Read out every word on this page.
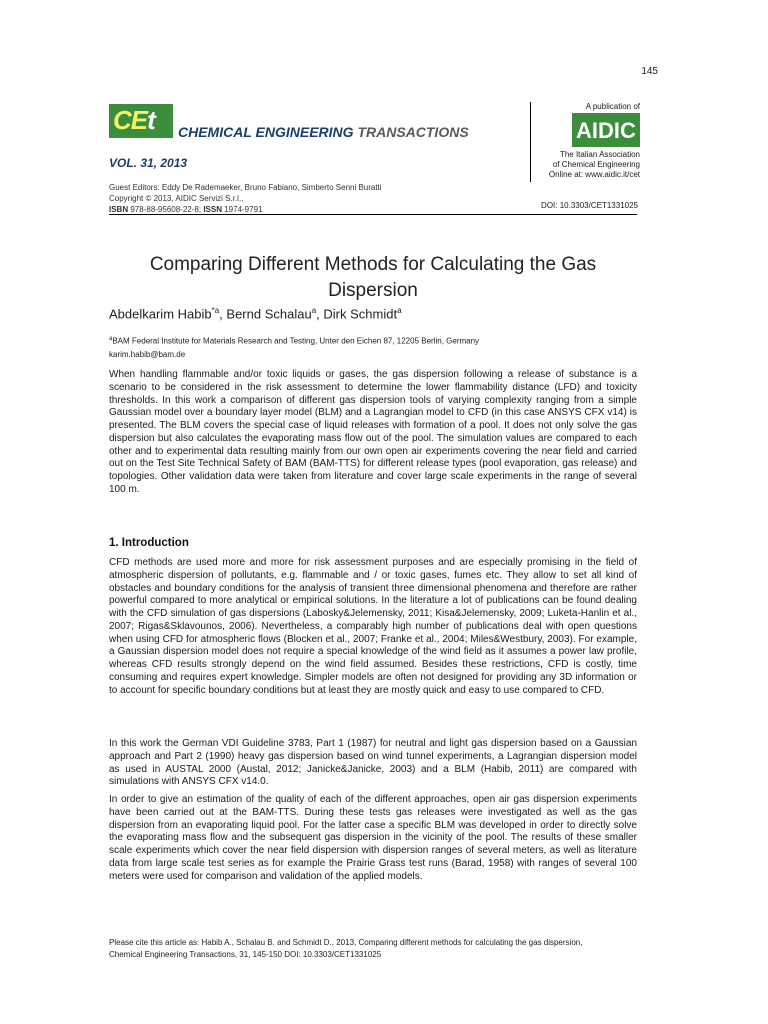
145
CEt CHEMICAL ENGINEERING TRANSACTIONS
VOL. 31, 2013
Guest Editors: Eddy De Rademaeker, Bruno Fabiano, Simberto Senni Buratti
Copyright © 2013, AIDIC Servizi S.r.l.,
ISBN 978-88-95608-22-8; ISSN 1974-9791
A publication of
AIDIC
The Italian Association
of Chemical Engineering
Online at: www.aidic.it/cet
DOI: 10.3303/CET1331025
Comparing Different Methods for Calculating the Gas
Dispersion
Abdelkarim Habib$^{*a}$, Bernd Schalau$^a$, Dirk Schmidt$^a$
$^a$BAM Federal Institute for Materials Research and Testing, Unter den Eichen 87, 12205 Berlin, Germany
karim.habib@bam.de
When handling flammable and/or toxic liquids or gases, the gas dispersion following a release of substance is a scenario to be considered in the risk assessment to determine the lower flammability distance (LFD) and toxicity thresholds. In this work a comparison of different gas dispersion tools of varying complexity ranging from a simple Gaussian model over a boundary layer model (BLM) and a Lagrangian model to CFD (in this case ANSYS CFX v14) is presented. The BLM covers the special case of liquid releases with formation of a pool. It does not only solve the gas dispersion but also calculates the evaporating mass flow out of the pool. The simulation values are compared to each other and to experimental data resulting mainly from our own open air experiments covering the near field and carried out on the Test Site Technical Safety of BAM (BAM-TTS) for different release types (pool evaporation, gas release) and topologies. Other validation data were taken from literature and cover large scale experiments in the range of several 100 m.
1. Introduction
CFD methods are used more and more for risk assessment purposes and are especially promising in the field of atmospheric dispersion of pollutants, e.g. flammable and / or toxic gases, fumes etc. They allow to set all kind of obstacles and boundary conditions for the analysis of transient three dimensional phenomena and therefore are rather powerful compared to more analytical or empirical solutions. In the literature a lot of publications can be found dealing with the CFD simulation of gas dispersions (Labosky&Jelemensky, 2011; Kisa&Jelemensky, 2009; Luketa-Hanlin et al., 2007; Rigas&Sklavounos, 2006). Nevertheless, a comparably high number of publications deal with open questions when using CFD for atmospheric flows (Blocken et al., 2007; Franke et al., 2004; Miles&Westbury, 2003). For example, a Gaussian dispersion model does not require a special knowledge of the wind field as it assumes a power law profile, whereas CFD results strongly depend on the wind field assumed. Besides these restrictions, CFD is costly, time consuming and requires expert knowledge. Simpler models are often not designed for providing any 3D information or to account for specific boundary conditions but at least they are mostly quick and easy to use compared to CFD.
In this work the German VDI Guideline 3783, Part 1 (1987) for neutral and light gas dispersion based on a Gaussian approach and Part 2 (1990) heavy gas dispersion based on wind tunnel experiments, a Lagrangian dispersion model as used in AUSTAL 2000 (Austal, 2012; Janicke&Janicke, 2003) and a BLM (Habib, 2011) are compared with simulations with ANSYS CFX v14.0.
In order to give an estimation of the quality of each of the different approaches, open air gas dispersion experiments have been carried out at the BAM-TTS. During these tests gas releases were investigated as well as the gas dispersion from an evaporating liquid pool. For the latter case a specific BLM was developed in order to directly solve the evaporating mass flow and the subsequent gas dispersion in the vicinity of the pool. The results of these smaller scale experiments which cover the near field dispersion with dispersion ranges of several meters, as well as literature data from large scale test series as for example the Prairie Grass test runs (Barad, 1958) with ranges of several 100 meters were used for comparison and validation of the applied models.
Please cite this article as: Habib A., Schalau B. and Schmidt D., 2013, Comparing different methods for calculating the gas dispersion,
Chemical Engineering Transactions, 31, 145-150 DOI: 10.3303/CET1331025
